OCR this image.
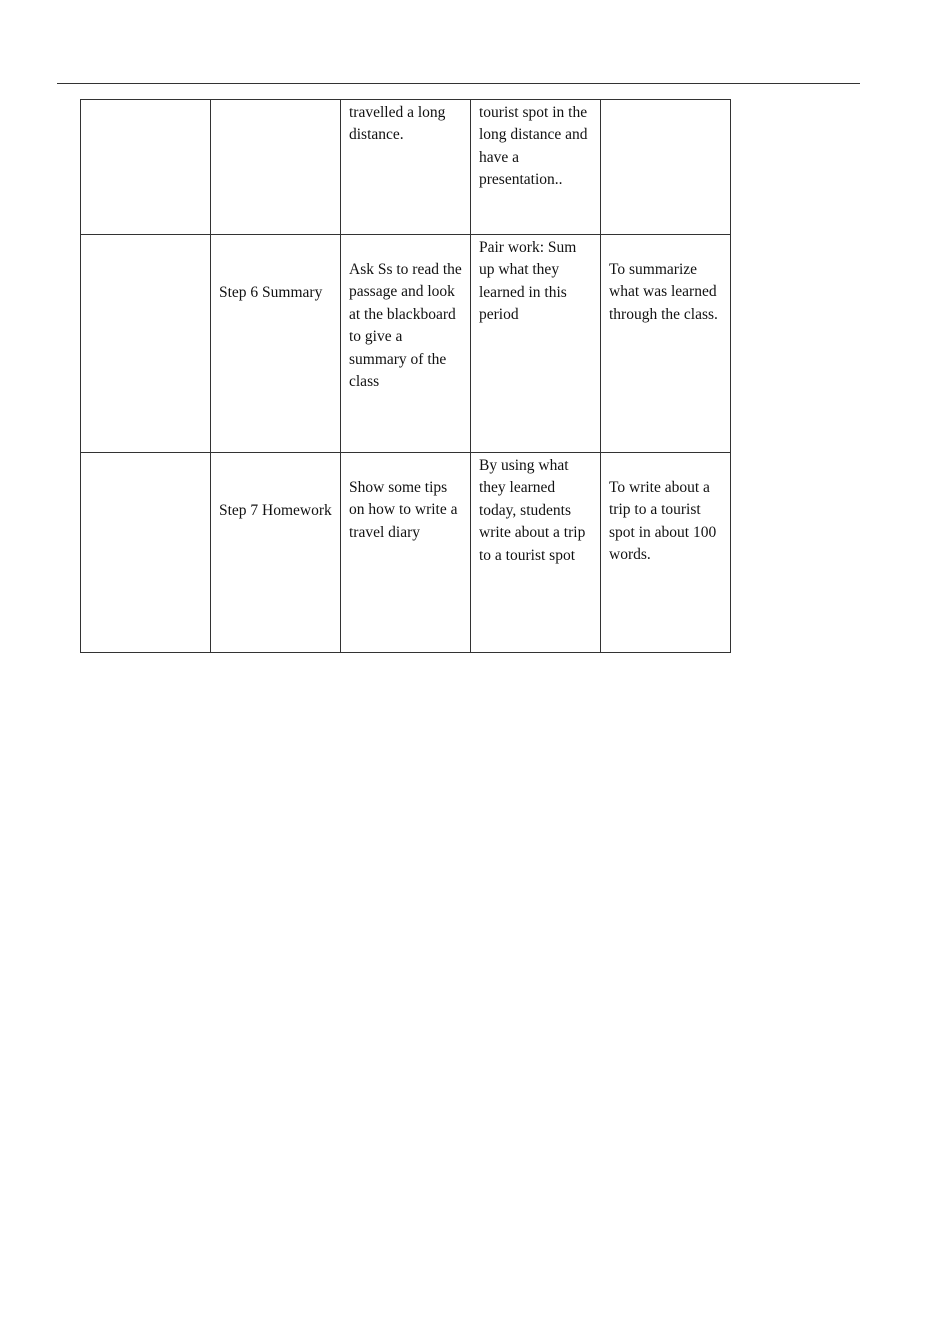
		travelled a long distance.	tourist spot in the long distance and have a presentation..	

	Step 6 Summary	Ask Ss to read the passage and look at the blackboard to give a summary of the class	Pair work: Sum up what they learned in this period	To summarize what was learned through the class.

	Step 7 Homework	Show some tips on how to write a travel diary	By using what they learned today, students write about a trip to a tourist spot	To write about a trip to a tourist spot in about 100 words.
